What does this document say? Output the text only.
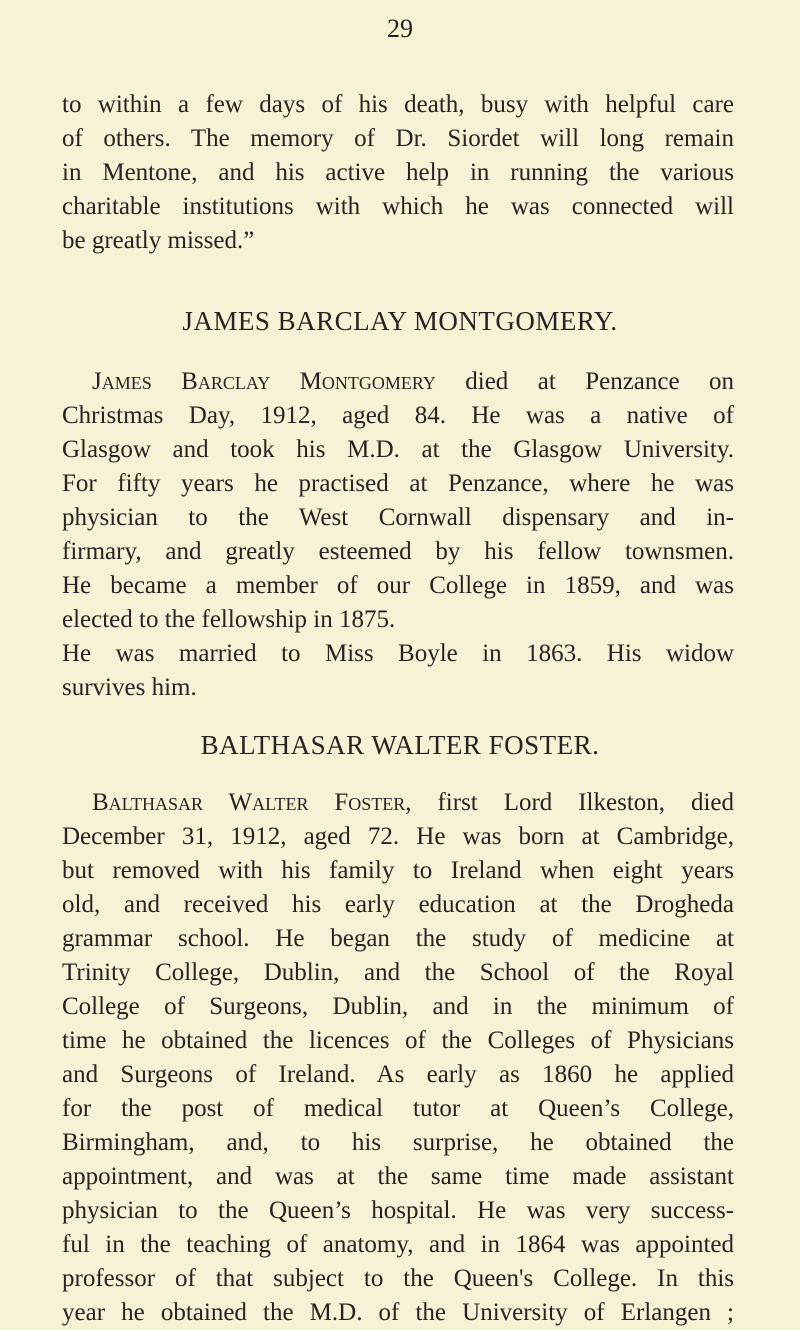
29
to within a few days of his death, busy with helpful care
of others. The memory of Dr. Siordet will long remain
in Mentone, and his active help in running the various
charitable institutions with which he was connected will
be greatly missed.”
JAMES BARCLAY MONTGOMERY.
James Barclay Montgomery died at Penzance on
Christmas Day, 1912, aged 84. He was a native of
Glasgow and took his M.D. at the Glasgow University.
For fifty years he practised at Penzance, where he was
physician to the West Cornwall dispensary and in-
firmary, and greatly esteemed by his fellow townsmen.
He became a member of our College in 1859, and was
elected to the fellowship in 1875.
He was married to Miss Boyle in 1863. His widow
survives him.
BALTHASAR WALTER FOSTER.
Balthasar Walter Foster, first Lord Ilkeston, died
December 31, 1912, aged 72. He was born at Cambridge,
but removed with his family to Ireland when eight years
old, and received his early education at the Drogheda
grammar school. He began the study of medicine at
Trinity College, Dublin, and the School of the Royal
College of Surgeons, Dublin, and in the minimum of
time he obtained the licences of the Colleges of Physicians
and Surgeons of Ireland. As early as 1860 he applied
for the post of medical tutor at Queen’s College,
Birmingham, and, to his surprise, he obtained the
appointment, and was at the same time made assistant
physician to the Queen’s hospital. He was very success-
ful in the teaching of anatomy, and in 1864 was appointed
professor of that subject to the Queen's College. In this
year he obtained the M.D. of the University of Erlangen ;
